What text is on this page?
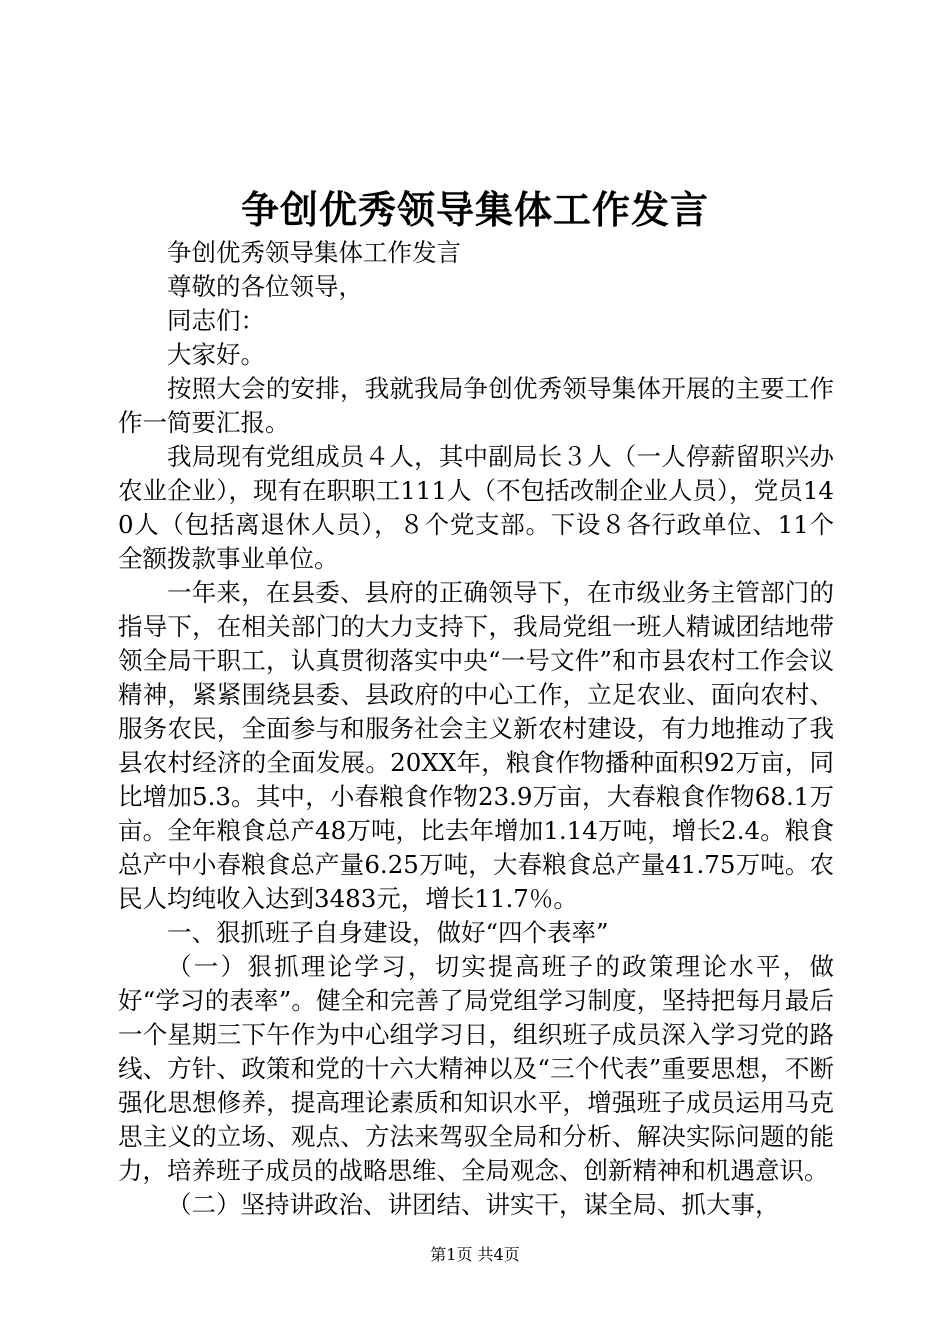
争创优秀领导集体工作发言

争创优秀领导集体工作发言

尊敬的各位领导，

同志们：

大家好。

按照大会的安排，我就我局争创优秀领导集体开展的主要工作作一简要汇报。

我局现有党组成员４人，其中副局长３人（一人停薪留职兴办农业企业），现有在职职工111人（不包括改制企业人员），党员140人（包括离退休人员），８个党支部。下设８各行政单位、11个全额拨款事业单位。

一年来，在县委、县府的正确领导下，在市级业务主管部门的指导下，在相关部门的大力支持下，我局党组一班人精诚团结地带领全局干职工，认真贯彻落实中央“一号文件”和市县农村工作会议精神，紧紧围绕县委、县政府的中心工作，立足农业、面向农村、服务农民，全面参与和服务社会主义新农村建设，有力地推动了我县农村经济的全面发展。20XX年，粮食作物播种面积92万亩，同比增加5.3。其中，小春粮食作物23.9万亩，大春粮食作物68.1万亩。全年粮食总产48万吨，比去年增加1.14万吨，增长2.4。粮食总产中小春粮食总产量6.25万吨，大春粮食总产量41.75万吨。农民人均纯收入达到3483元，增长11.7％。

一、狠抓班子自身建设，做好“四个表率”

（一）狠抓理论学习，切实提高班子的政策理论水平，做好“学习的表率”。健全和完善了局党组学习制度，坚持把每月最后一个星期三下午作为中心组学习日，组织班子成员深入学习党的路线、方针、政策和党的十六大精神以及“三个代表”重要思想，不断强化思想修养，提高理论素质和知识水平，增强班子成员运用马克思主义的立场、观点、方法来驾驭全局和分析、解决实际问题的能力，培养班子成员的战略思维、全局观念、创新精神和机遇意识。

（二）坚持讲政治、讲团结、讲实干，谋全局、抓大事，

第1页 共4页
